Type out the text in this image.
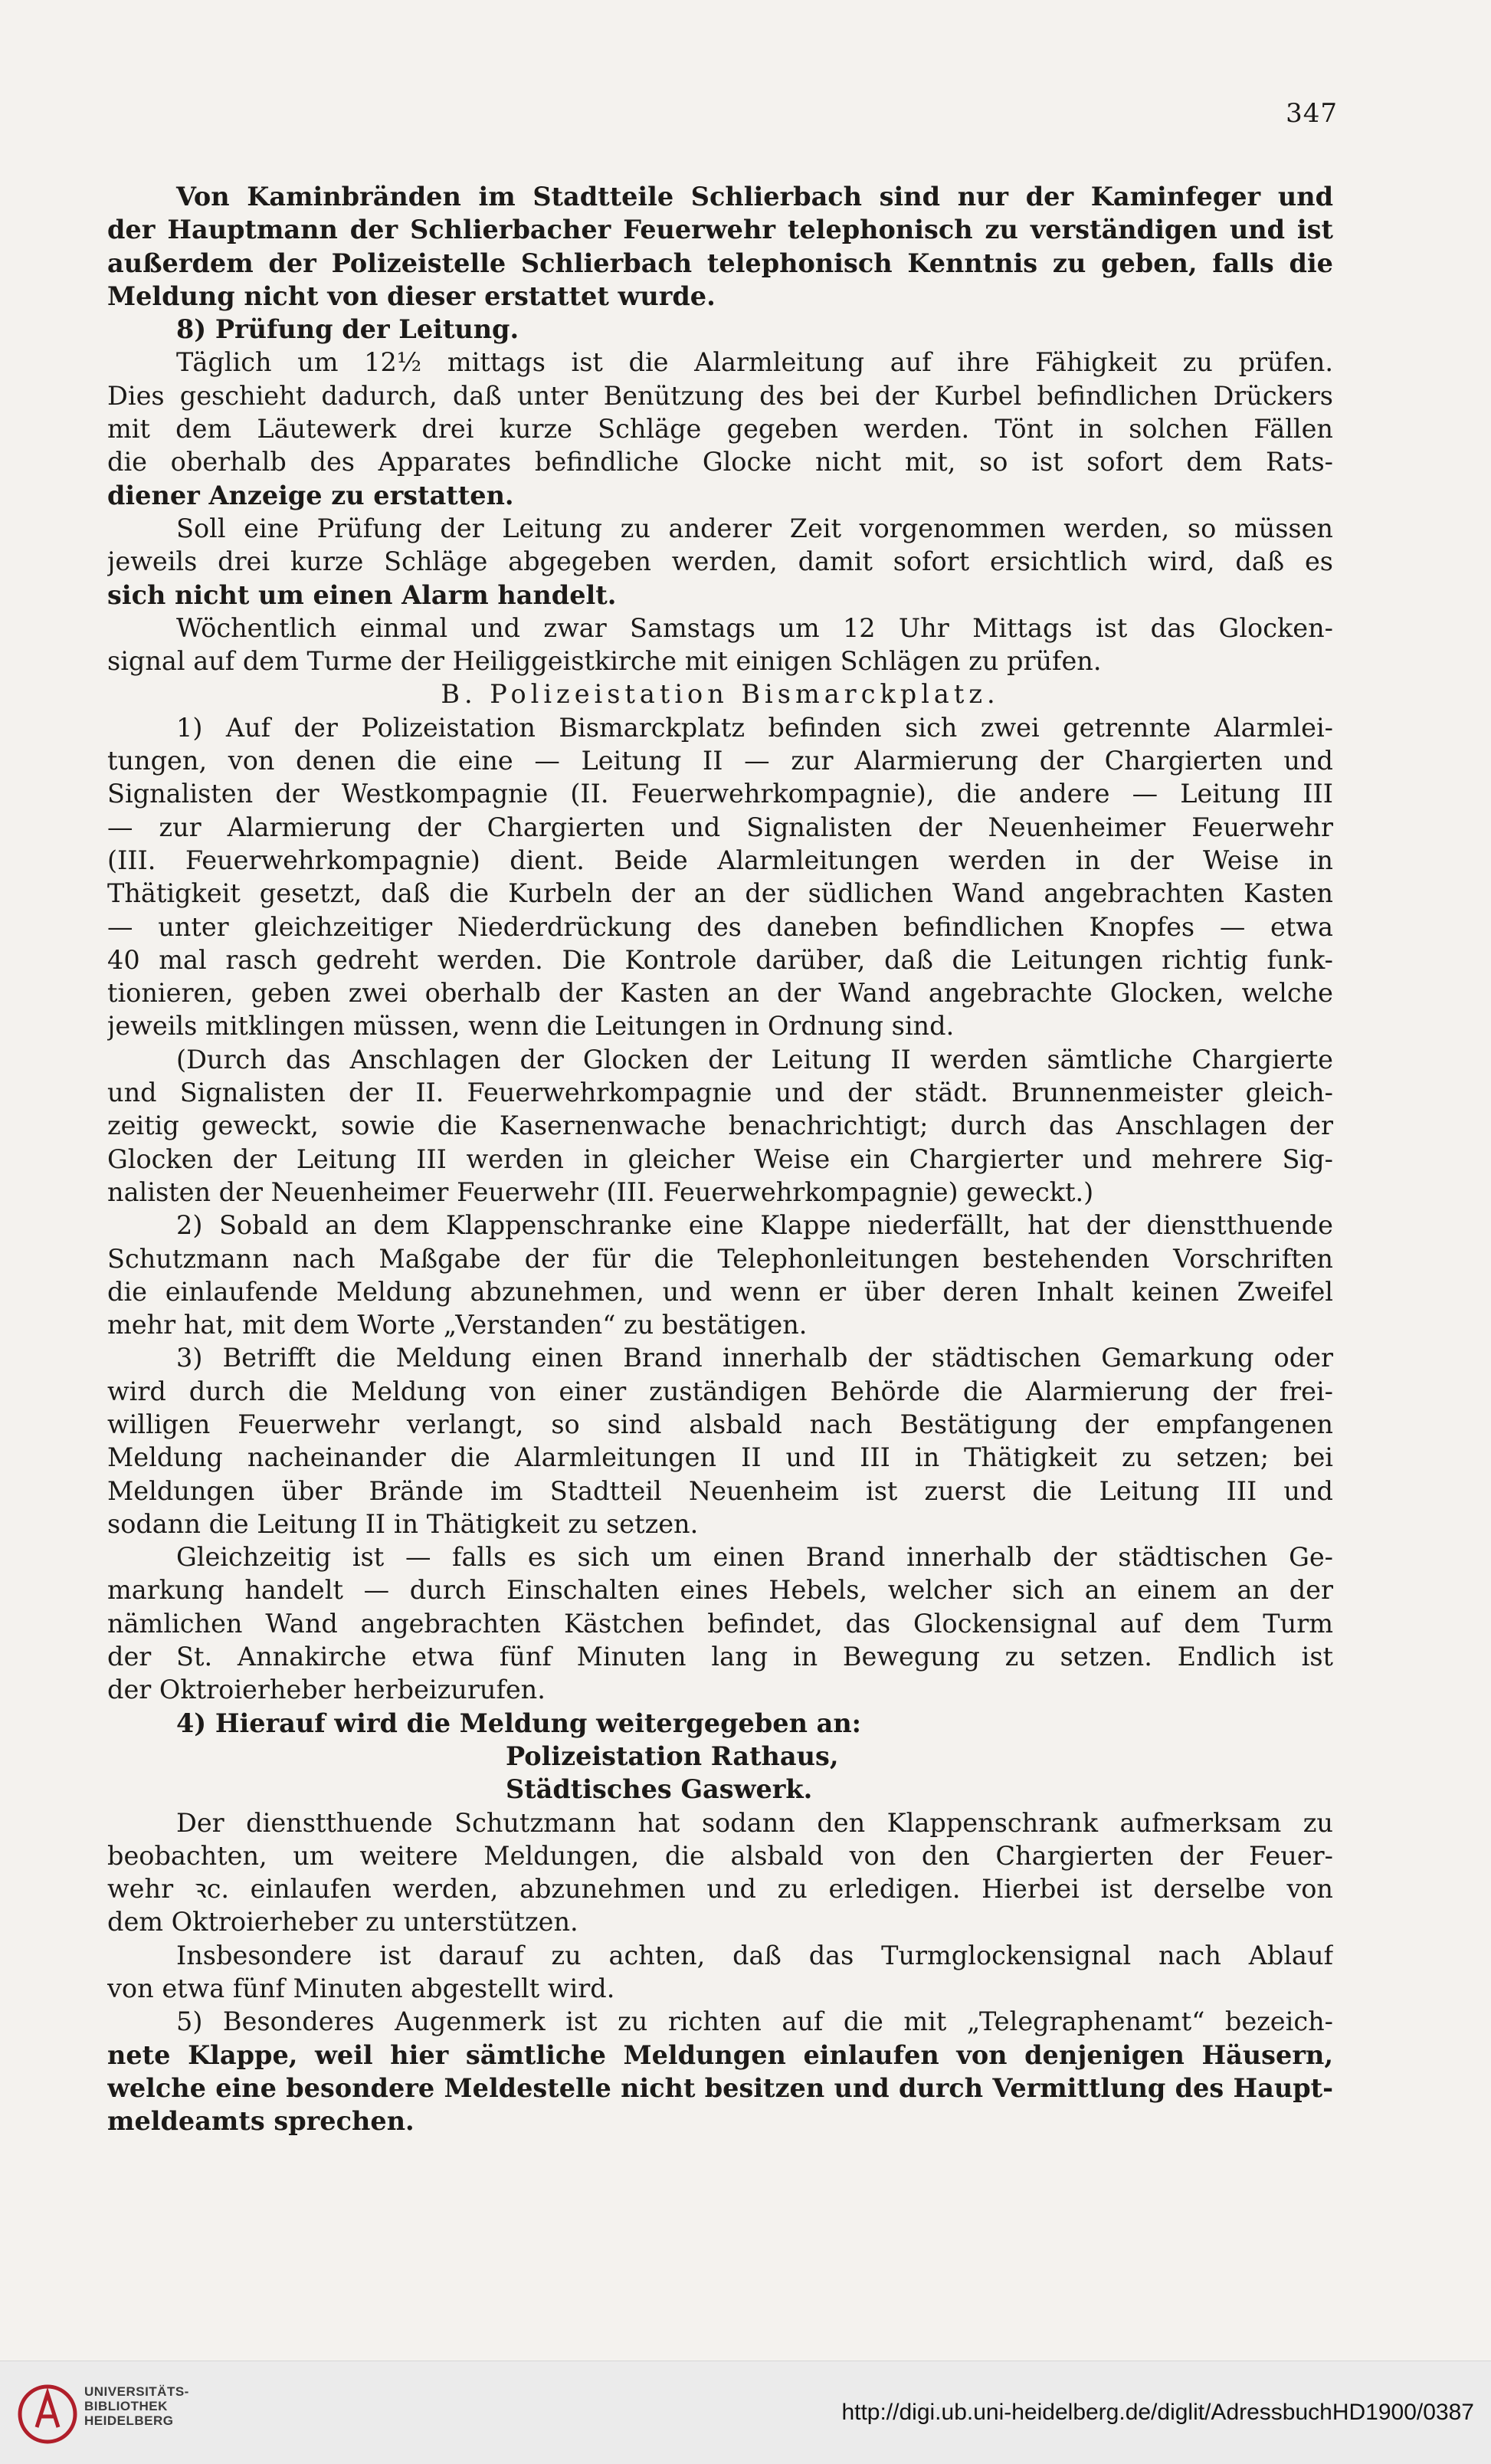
347
Von Kaminbränden im Stadtteile Schlierbach sind nur der Kaminfeger und
der Hauptmann der Schlierbacher Feuerwehr telephonisch zu verständigen und ist
außerdem der Polizeistelle Schlierbach telephonisch Kenntnis zu geben, falls die
Meldung nicht von dieser erstattet wurde.
8) Prüfung der Leitung.
Täglich um 12½ mittags ist die Alarmleitung auf ihre Fähigkeit zu prüfen.
Dies geschieht dadurch, daß unter Benützung des bei der Kurbel befindlichen Drückers
mit dem Läutewerk drei kurze Schläge gegeben werden. Tönt in solchen Fällen
die oberhalb des Apparates befindliche Glocke nicht mit, so ist sofort dem Rats-
diener Anzeige zu erstatten.
Soll eine Prüfung der Leitung zu anderer Zeit vorgenommen werden, so müssen
jeweils drei kurze Schläge abgegeben werden, damit sofort ersichtlich wird, daß es
sich nicht um einen Alarm handelt.
Wöchentlich einmal und zwar Samstags um 12 Uhr Mittags ist das Glocken-
signal auf dem Turme der Heiliggeistkirche mit einigen Schlägen zu prüfen.
B. Polizeistation Bismarckplatz.
1) Auf der Polizeistation Bismarckplatz befinden sich zwei getrennte Alarmlei-
tungen, von denen die eine — Leitung II — zur Alarmierung der Chargierten und
Signalisten der Westkompagnie (II. Feuerwehrkompagnie), die andere — Leitung III
— zur Alarmierung der Chargierten und Signalisten der Neuenheimer Feuerwehr
(III. Feuerwehrkompagnie) dient. Beide Alarmleitungen werden in der Weise in
Thätigkeit gesetzt, daß die Kurbeln der an der südlichen Wand angebrachten Kasten
— unter gleichzeitiger Niederdrückung des daneben befindlichen Knopfes — etwa
40 mal rasch gedreht werden. Die Kontrole darüber, daß die Leitungen richtig funk-
tionieren, geben zwei oberhalb der Kasten an der Wand angebrachte Glocken, welche
jeweils mitklingen müssen, wenn die Leitungen in Ordnung sind.
(Durch das Anschlagen der Glocken der Leitung II werden sämtliche Chargierte
und Signalisten der II. Feuerwehrkompagnie und der städt. Brunnenmeister gleich-
zeitig geweckt, sowie die Kasernenwache benachrichtigt; durch das Anschlagen der
Glocken der Leitung III werden in gleicher Weise ein Chargierter und mehrere Sig-
nalisten der Neuenheimer Feuerwehr (III. Feuerwehrkompagnie) geweckt.)
2) Sobald an dem Klappenschranke eine Klappe niederfällt, hat der dienstthuende
Schutzmann nach Maßgabe der für die Telephonleitungen bestehenden Vorschriften
die einlaufende Meldung abzunehmen, und wenn er über deren Inhalt keinen Zweifel
mehr hat, mit dem Worte „Verstanden“ zu bestätigen.
3) Betrifft die Meldung einen Brand innerhalb der städtischen Gemarkung oder
wird durch die Meldung von einer zuständigen Behörde die Alarmierung der frei-
willigen Feuerwehr verlangt, so sind alsbald nach Bestätigung der empfangenen
Meldung nacheinander die Alarmleitungen II und III in Thätigkeit zu setzen; bei
Meldungen über Brände im Stadtteil Neuenheim ist zuerst die Leitung III und
sodann die Leitung II in Thätigkeit zu setzen.
Gleichzeitig ist — falls es sich um einen Brand innerhalb der städtischen Ge-
markung handelt — durch Einschalten eines Hebels, welcher sich an einem an der
nämlichen Wand angebrachten Kästchen befindet, das Glockensignal auf dem Turm
der St. Annakirche etwa fünf Minuten lang in Bewegung zu setzen. Endlich ist
der Oktroierheber herbeizurufen.
4) Hierauf wird die Meldung weitergegeben an:
Polizeistation Rathaus,
Städtisches Gaswerk.
Der dienstthuende Schutzmann hat sodann den Klappenschrank aufmerksam zu
beobachten, um weitere Meldungen, die alsbald von den Chargierten der Feuer-
wehr ꝛc. einlaufen werden, abzunehmen und zu erledigen. Hierbei ist derselbe von
dem Oktroierheber zu unterstützen.
Insbesondere ist darauf zu achten, daß das Turmglockensignal nach Ablauf
von etwa fünf Minuten abgestellt wird.
5) Besonderes Augenmerk ist zu richten auf die mit „Telegraphenamt“ bezeich-
nete Klappe, weil hier sämtliche Meldungen einlaufen von denjenigen Häusern,
welche eine besondere Meldestelle nicht besitzen und durch Vermittlung des Haupt-
meldeamts sprechen.
UNIVERSITÄTS-
BIBLIOTHEK
HEIDELBERG	http://digi.ub.uni-heidelberg.de/diglit/AdressbuchHD1900/0387
